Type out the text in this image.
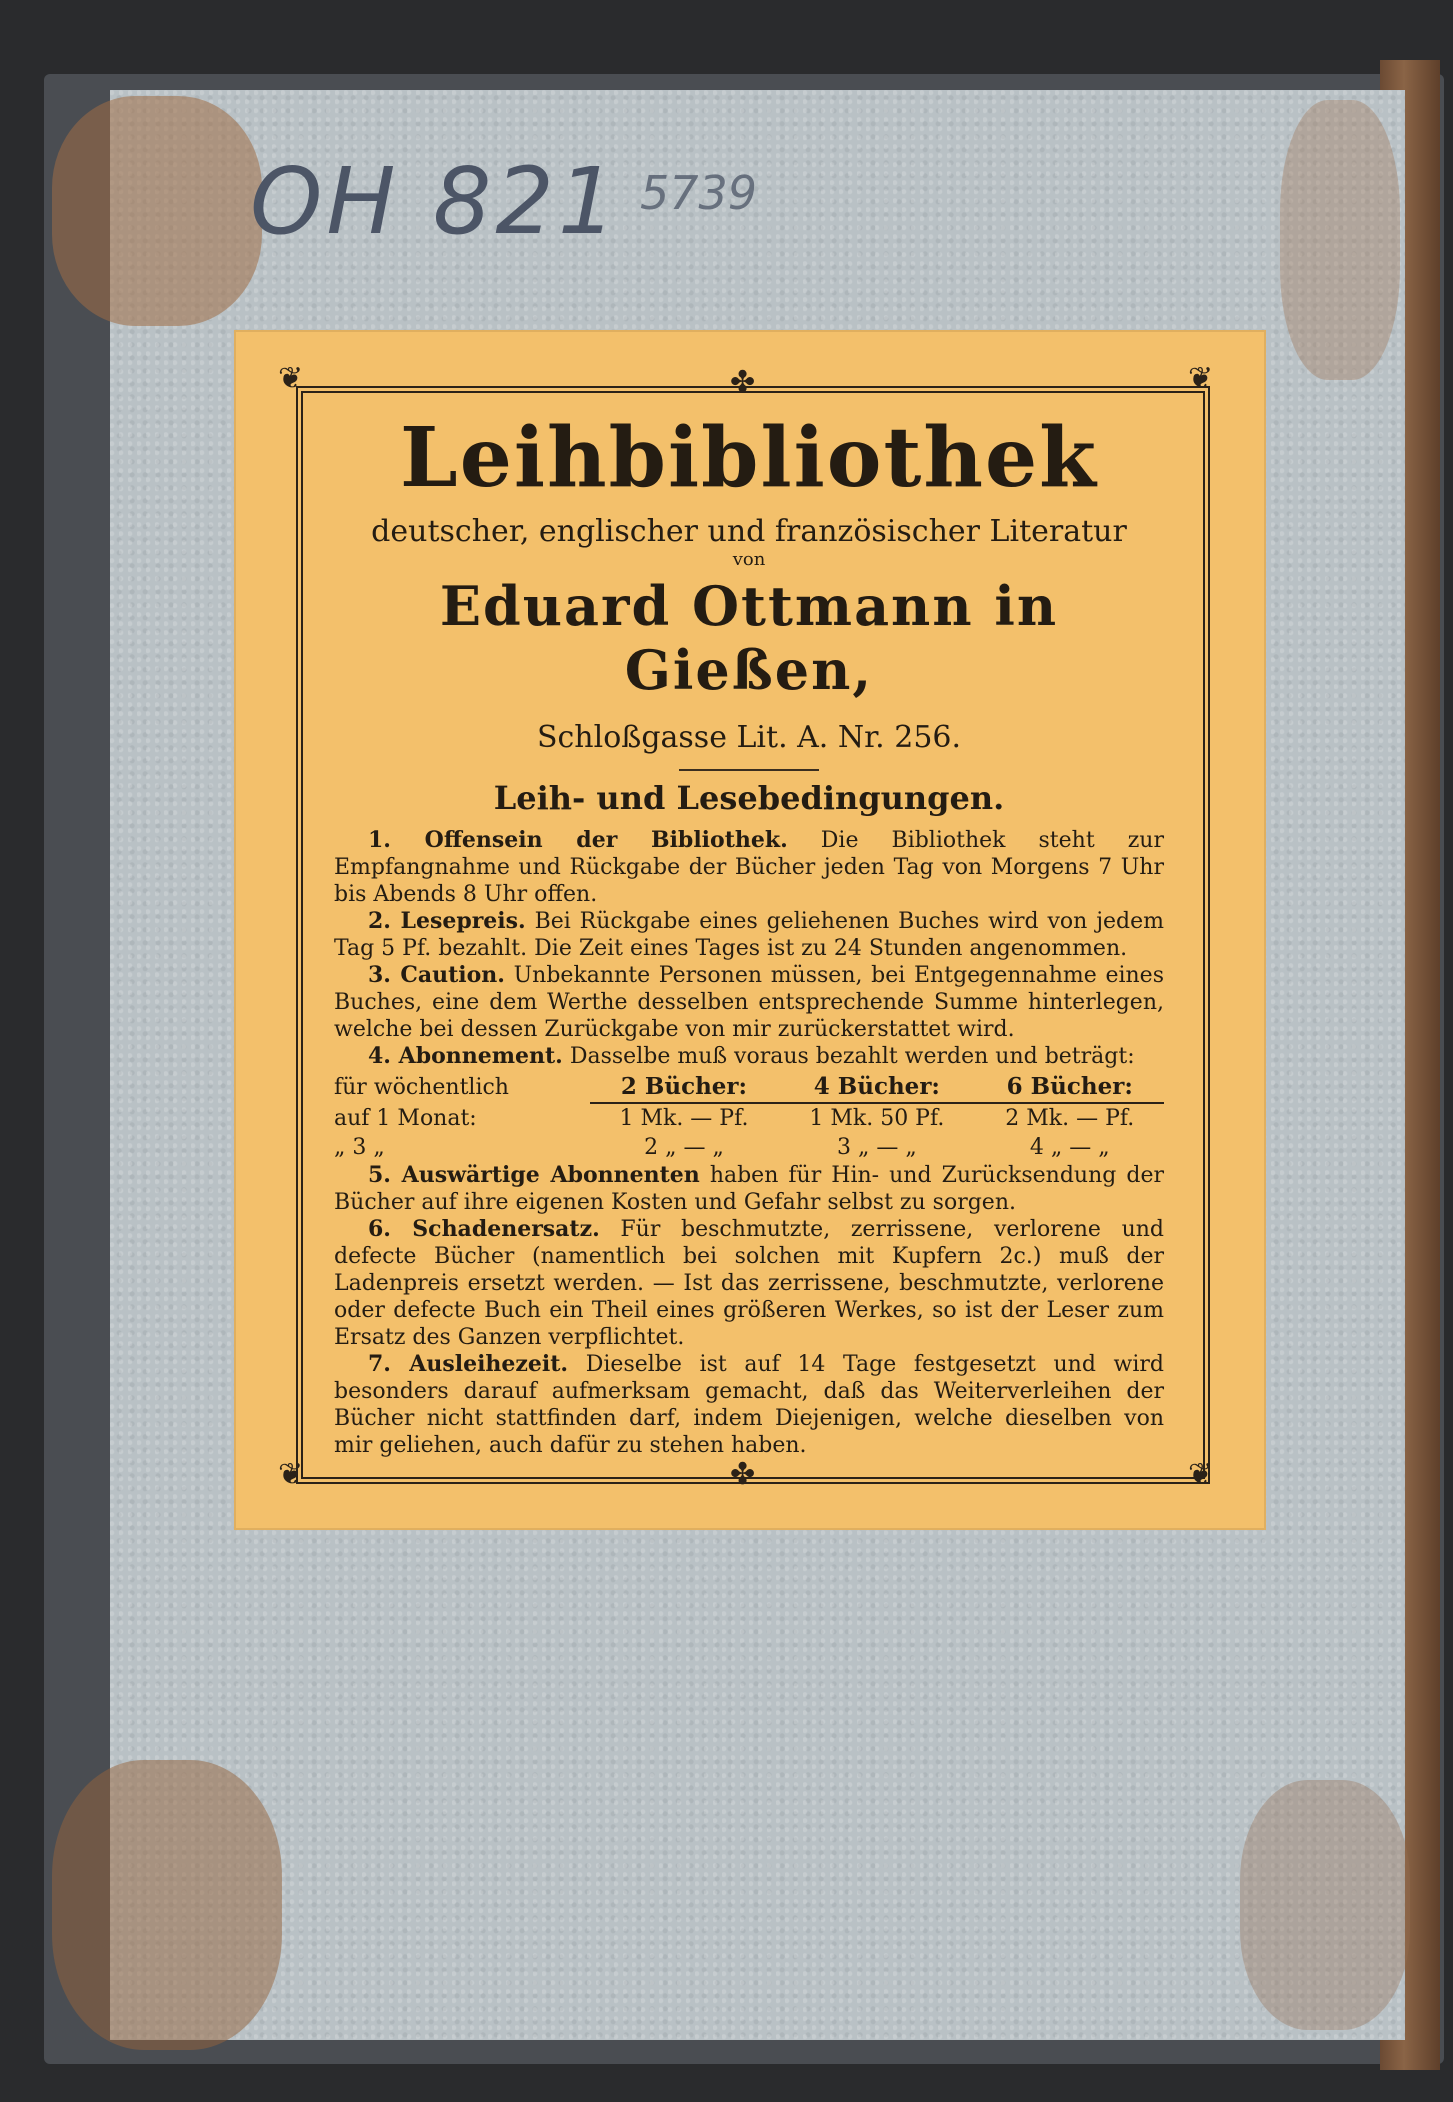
OH 821 5739
❦	❦
❦	❦
✤
✤
Leihbibliothek
deutscher, englischer und französischer Literatur
von
Eduard Ottmann in Gießen,
Schloßgasse Lit. A. Nr. 256.
Leih- und Lesebedingungen.

1. Offensein der Bibliothek. Die Bibliothek steht zur Empfangnahme und Rückgabe der Bücher jeden Tag von Morgens 7 Uhr bis Abends 8 Uhr offen.

2. Lesepreis. Bei Rückgabe eines geliehenen Buches wird von jedem Tag 5 Pf. bezahlt. Die Zeit eines Tages ist zu 24 Stunden angenommen.

3. Caution. Unbekannte Personen müssen, bei Entgegennahme eines Buches, eine dem Werthe desselben entsprechende Summe hinterlegen, welche bei dessen Zurückgabe von mir zurückerstattet wird.

4. Abonnement. Dasselbe muß voraus bezahlt werden und beträgt:

für wöchentlich	2 Bücher:	4 Bücher:	6 Bücher:
auf 1 Monat:	1 Mk. — Pf.	1 Mk. 50 Pf.	2 Mk. — Pf.
„ 3 „	2 „ — „	3 „ — „	4 „ — „

5. Auswärtige Abonnenten haben für Hin- und Zurücksendung der Bücher auf ihre eigenen Kosten und Gefahr selbst zu sorgen.

6. Schadenersatz. Für beschmutzte, zerrissene, verlorene und defecte Bücher (namentlich bei solchen mit Kupfern 2c.) muß der Ladenpreis ersetzt werden. — Ist das zerrissene, beschmutzte, verlorene oder defecte Buch ein Theil eines größeren Werkes, so ist der Leser zum Ersatz des Ganzen verpflichtet.

7. Ausleihezeit. Dieselbe ist auf 14 Tage festgesetzt und wird besonders darauf aufmerksam gemacht, daß das Weiterverleihen der Bücher nicht stattfinden darf, indem Diejenigen, welche dieselben von mir geliehen, auch dafür zu stehen haben.
